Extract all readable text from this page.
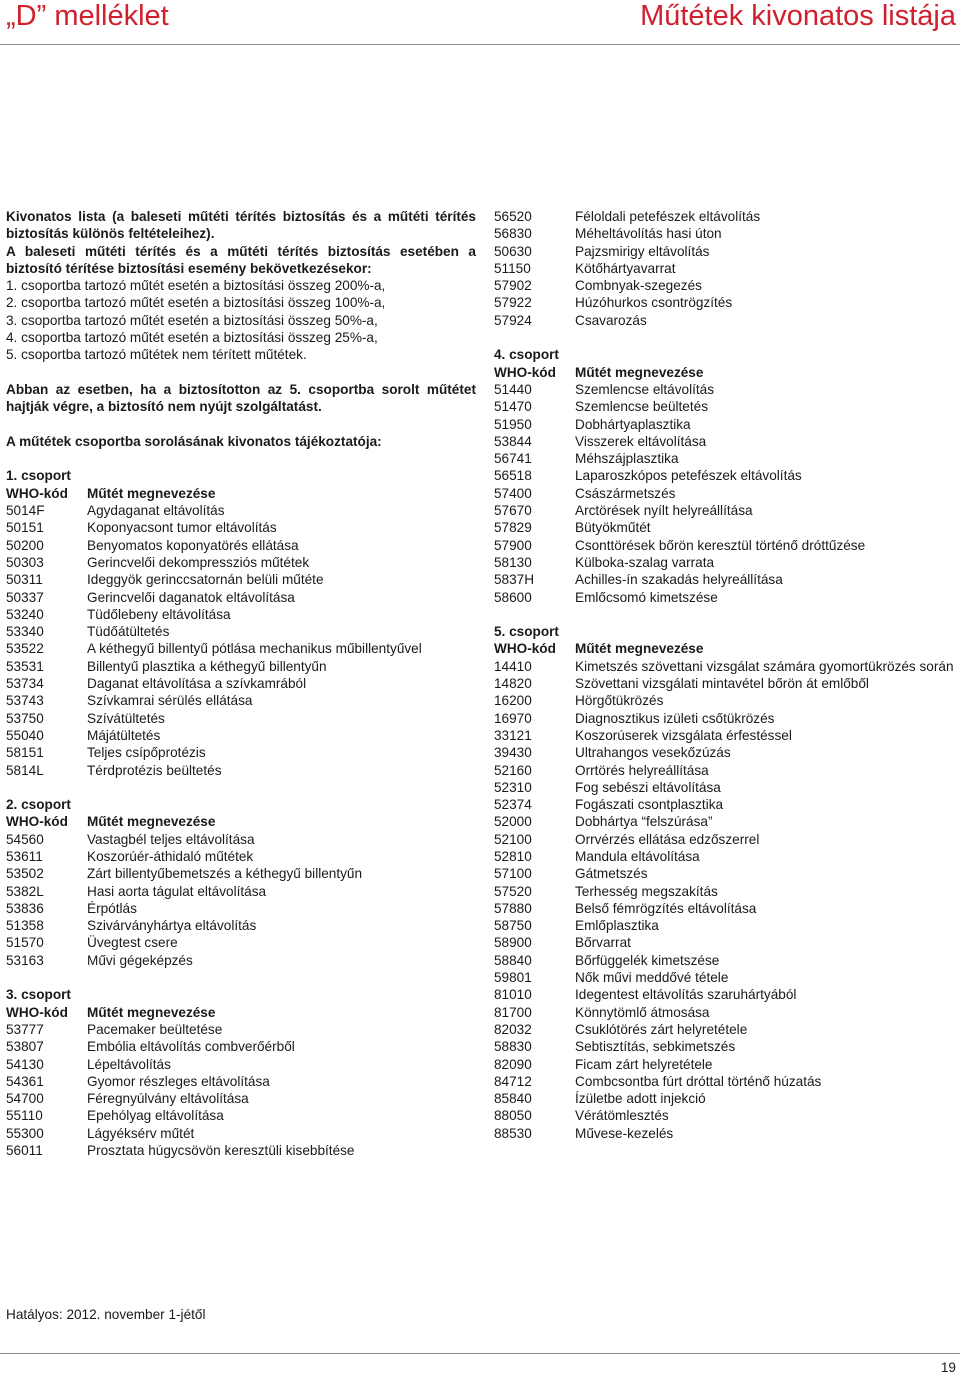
„D” melléklet	Műtétek kivonatos listája
Kivonatos lista (a baleseti műtéti térítés biztosítás és a műtéti térítés biztosítás különös feltételeihez).
A baleseti műtéti térítés és a műtéti térítés biztosítás esetében a biztosító térítése biztosítási esemény bekövetkezésekor:
1. csoportba tartozó műtét esetén a biztosítási összeg 200%-a,
2. csoportba tartozó műtét esetén a biztosítási összeg 100%-a,
3. csoportba tartozó műtét esetén a biztosítási összeg 50%-a,
4. csoportba tartozó műtét esetén a biztosítási összeg 25%-a,
5. csoportba tartozó műtétek nem térített műtétek.
Abban az esetben, ha a biztosítotton az 5. csoportba sorolt műtétet hajtják végre, a biztosító nem nyújt szolgáltatást.
A műtétek csoportba sorolásának kivonatos tájékoztatója:
1. csoport
WHO-kód	Műtét megnevezése
5014F	Agydaganat eltávolítás
50151	Koponyacsont tumor eltávolítás
50200	Benyomatos koponyatörés ellátása
50303	Gerincvelői dekompressziós műtétek
50311	Ideggyök gerinccsatornán belüli műtéte
50337	Gerincvelői daganatok eltávolítása
53240	Tüdőlebeny eltávolítása
53340	Tüdőátültetés
53522	A kéthegyű billentyű pótlása mechanikus műbillentyűvel
53531	Billentyű plasztika a kéthegyű billentyűn
53734	Daganat eltávolítása a szívkamrából
53743	Szívkamrai sérülés ellátása
53750	Szívátültetés
55040	Májátültetés
58151	Teljes csípőprotézis
5814L	Térdprotézis beültetés
2. csoport
WHO-kód	Műtét megnevezése
54560	Vastagbél teljes eltávolítása
53611	Koszorúér-áthidaló műtétek
53502	Zárt billentyűbemetszés a kéthegyű billentyűn
5382L	Hasi aorta tágulat eltávolítása
53836	Érpótlás
51358	Szivárványhártya eltávolítás
51570	Üvegtest csere
53163	Művi gégeképzés
3. csoport
WHO-kód	Műtét megnevezése
53777	Pacemaker beültetése
53807	Embólia eltávolítás combverőérből
54130	Lépeltávolítás
54361	Gyomor részleges eltávolítása
54700	Féregnyúlvány eltávolítása
55110	Epehólyag eltávolítása
55300	Lágyéksérv műtét
56011	Prosztata húgycsövön keresztüli kisebbítése
56520	Féloldali petefészek eltávolítás
56830	Méheltávolítás hasi úton
50630	Pajzsmirigy eltávolítás
51150	Kötőhártyavarrat
57902	Combnyak-szegezés
57922	Húzóhurkos csontrögzítés
57924	Csavarozás
4. csoport
WHO-kód	Műtét megnevezése
51440	Szemlencse eltávolítás
51470	Szemlencse beültetés
51950	Dobhártyaplasztika
53844	Visszerek eltávolítása
56741	Méhszájplasztika
56518	Laparoszkópos petefészek eltávolítás
57400	Császármetszés
57670	Arctörések nyílt helyreállítása
57829	Bütyökműtét
57900	Csonttörések bőrön keresztül történő dróttűzése
58130	Külboka-szalag varrata
5837H	Achilles-ín szakadás helyreállítása
58600	Emlőcsomó kimetszése
5. csoport
WHO-kód	Műtét megnevezése
14410	Kimetszés szövettani vizsgálat számára gyomortükrözés során
14820	Szövettani vizsgálati mintavétel bőrön át emlőből
16200	Hörgőtükrözés
16970	Diagnosztikus izületi csőtükrözés
33121	Koszorúserek vizsgálata érfestéssel
39430	Ultrahangos vesekőzúzás
52160	Orrtörés helyreállítása
52310	Fog sebészi eltávolítása
52374	Fogászati csontplasztika
52000	Dobhártya “felszúrása”
52100	Orrvérzés ellátása edzőszerrel
52810	Mandula eltávolítása
57100	Gátmetszés
57520	Terhesség megszakítás
57880	Belső fémrögzítés eltávolítása
58750	Emlőplasztika
58900	Bőrvarrat
58840	Bőrfüggelék kimetszése
59801	Nők művi meddővé tétele
81010	Idegentest eltávolítás szaruhártyából
81700	Könnytömlő átmosása
82032	Csuklótörés zárt helyretétele
58830	Sebtisztítás, sebkimetszés
82090	Ficam zárt helyretétele
84712	Combcsontba fúrt dróttal történő húzatás
85840	Ízületbe adott injekció
88050	Vérátömlesztés
88530	Művese-kezelés
Hatályos: 2012. november 1-jétől
19
